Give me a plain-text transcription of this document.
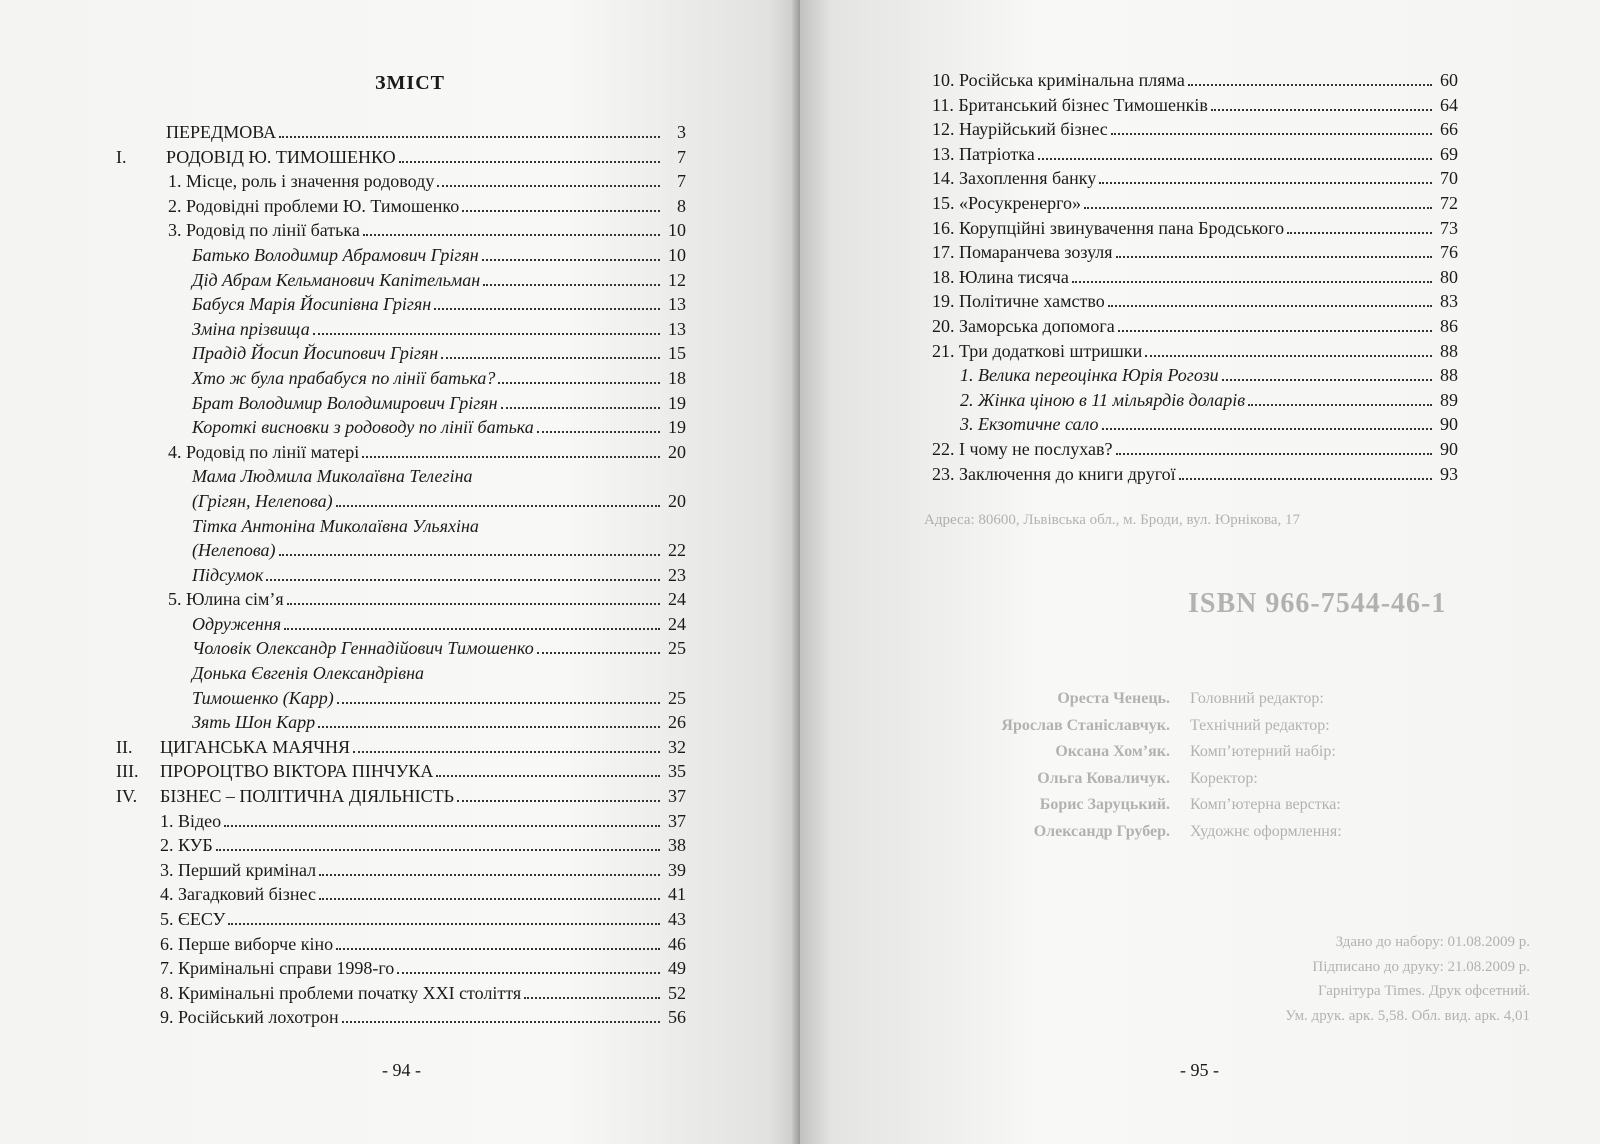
ЗМІСТ
ПЕРЕДМОВА	3
I. РОДОВІД Ю. ТИМОШЕНКО	7
1. Місце, роль і значення родоводу	7
2. Родовідні проблеми Ю. Тимошенко	8
3. Родовід по лінії батька	10
Батько Володимир Абрамович Грігян	10
Дід Абрам Кельманович Капітельман	12
Бабуся Марія Йосипівна Грігян	13
Зміна прізвища	13
Прадід Йосип Йосипович Грігян	15
Хто ж була прабабуся по лінії батька?	18
Брат Володимир Володимирович Грігян	19
Короткі висновки з родоводу по лінії батька	19
4. Родовід по лінії матері	20
Мама Людмила Миколаївна Телегіна
(Грігян, Нелепова)	20
Тітка Антоніна Миколаївна Ульяхіна
(Нелепова)	22
Підсумок	23
5. Юлина сім’я	24
Одруження	24
Чоловік Олександр Геннадійович Тимошенко	25
Донька Євгенія Олександрівна
Тимошенко (Карр)	25
Зять Шон Карр	26
II. ЦИГАНСЬКА МАЯЧНЯ	32
III. ПРОРОЦТВО ВІКТОРА ПІНЧУКА	35
IV. БІЗНЕС – ПОЛІТИЧНА ДІЯЛЬНІСТЬ	37
1. Відео	37
2. КУБ	38
3. Перший кримінал	39
4. Загадковий бізнес	41
5. ЄЕСУ	43
6. Перше виборче кіно	46
7. Кримінальні справи 1998-го	49
8. Кримінальні проблеми початку XXI століття	52
9. Російський лохотрон	56
- 94 -
10. Російська кримінальна пляма	60
11. Британський бізнес Тимошенків	64
12. Наурійський бізнес	66
13. Патріотка	69
14. Захоплення банку	70
15. «Росукренерго»	72
16. Корупційні звинувачення пана Бродського	73
17. Помаранчева зозуля	76
18. Юлина тисяча	80
19. Політичне хамство	83
20. Заморська допомога	86
21. Три додаткові штришки	88
1. Велика переоцінка Юрія Рогози	88
2. Жінка ціною в 11 мільярдів доларів	89
3. Екзотичне сало	90
22. І чому не послухав?	90
23. Заключення до книги другої	93
Адреса: 80600, Львівська обл., м. Броди, вул. Юрнікова, 17
ISBN 966-7544-46-1
Ореста Ченець. Головний редактор:
Ярослав Станіславчук. Технічний редактор:
Оксана Хом’як. Комп’ютерний набір:
Ольга Коваличук. Коректор:
Борис Заруцький. Комп’ютерна верстка:
Олександр Грубер. Художнє оформлення:
Здано до набору: 01.08.2009 р.
Підписано до друку: 21.08.2009 р.
Гарнітура Times. Друк офсетний.
Ум. друк. арк. 5,58. Обл. вид. арк. 4,01
- 95 -
